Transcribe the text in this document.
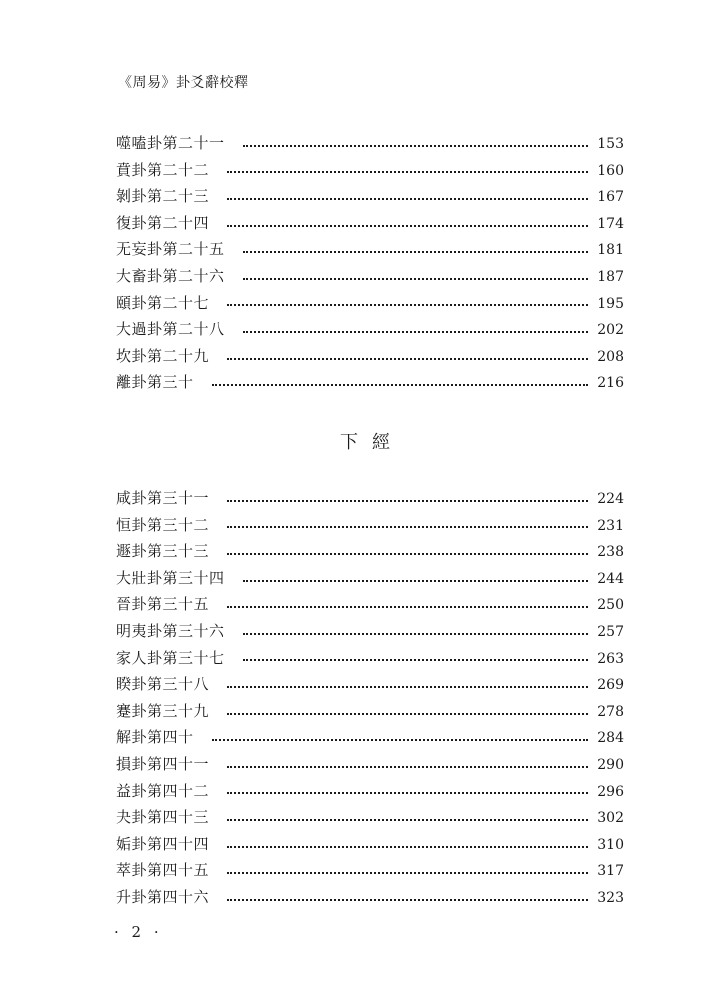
《周易》卦爻辭校釋
噬嗑卦第二十一	153
賁卦第二十二	160
剝卦第二十三	167
復卦第二十四	174
无妄卦第二十五	181
大畜卦第二十六	187
頤卦第二十七	195
大過卦第二十八	202
坎卦第二十九	208
離卦第三十	216
下經
咸卦第三十一	224
恒卦第三十二	231
遯卦第三十三	238
大壯卦第三十四	244
晉卦第三十五	250
明夷卦第三十六	257
家人卦第三十七	263
睽卦第三十八	269
蹇卦第三十九	278
解卦第四十	284
損卦第四十一	290
益卦第四十二	296
夬卦第四十三	302
姤卦第四十四	310
萃卦第四十五	317
升卦第四十六	323
· 2 ·
